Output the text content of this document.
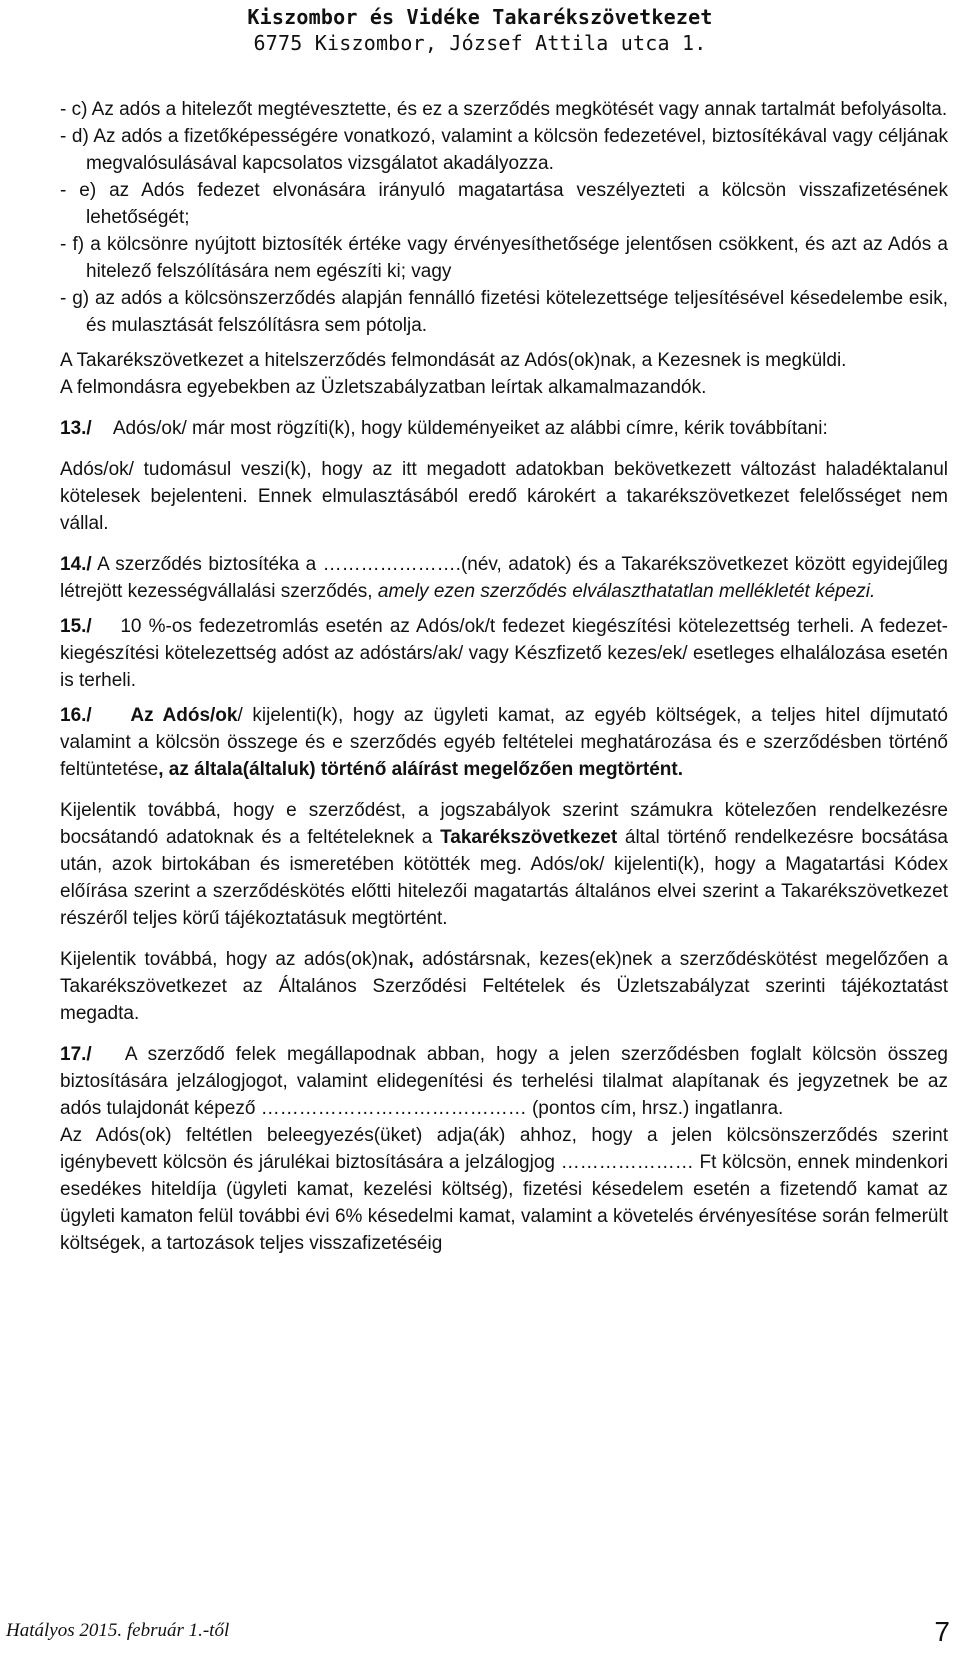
Kiszombor és Vidéke Takarékszövetkezet
6775 Kiszombor, József Attila utca 1.

- c) Az adós a hitelezőt megtévesztette, és ez a szerződés megkötését vagy annak tartalmát befolyásolta.

- d) Az adós a fizetőképességére vonatkozó, valamint a kölcsön fedezetével, biztosítékával vagy céljának megvalósulásával kapcsolatos vizsgálatot akadályozza.

- e) az Adós fedezet elvonására irányuló magatartása veszélyezteti a kölcsön visszafizetésének lehetőségét;

- f) a kölcsönre nyújtott biztosíték értéke vagy érvényesíthetősége jelentősen csökkent, és azt az Adós a hitelező felszólítására nem egészíti ki; vagy

- g) az adós a kölcsönszerződés alapján fennálló fizetési kötelezettsége teljesítésével késedelembe esik, és mulasztását felszólításra sem pótolja.

A Takarékszövetkezet a hitelszerződés felmondását az Adós(ok)nak, a Kezesnek is megküldi.

A felmondásra egyebekben az Üzletszabályzatban leírtak alkamalmazandók.

13./ Adós/ok/ már most rögzíti(k), hogy küldeményeiket az alábbi címre, kérik továbbítani:

Adós/ok/ tudomásul veszi(k), hogy az itt megadott adatokban bekövetkezett változást haladéktalanul kötelesek bejelenteni. Ennek elmulasztásából eredő károkért a takarékszövetkezet felelősséget nem vállal.

14./ A szerződés biztosítéka a ………………….(név, adatok) és a Takarékszövetkezet között egyidejűleg létrejött kezességvállalási szerződés, amely ezen szerződés elválaszthatatlan mellékletét képezi.

15./ 10 %-os fedezetromlás esetén az Adós/ok/t fedezet kiegészítési kötelezettség terheli. A fedezet-kiegészítési kötelezettség adóst az adóstárs/ak/ vagy Készfizető kezes/ek/ esetleges elhalálozása esetén is terheli.

16./ Az Adós/ok/ kijelenti(k), hogy az ügyleti kamat, az egyéb költségek, a teljes hitel díjmutató valamint a kölcsön összege és e szerződés egyéb feltételei meghatározása és e szerződésben történő feltüntetése, az általa(általuk) történő aláírást megelőzően megtörtént.

Kijelentik továbbá, hogy e szerződést, a jogszabályok szerint számukra kötelezően rendelkezésre bocsátandó adatoknak és a feltételeknek a Takarékszövetkezet által történő rendelkezésre bocsátása után, azok birtokában és ismeretében kötötték meg. Adós/ok/ kijelenti(k), hogy a Magatartási Kódex előírása szerint a szerződéskötés előtti hitelezői magatartás általános elvei szerint a Takarékszövetkezet részéről teljes körű tájékoztatásuk megtörtént.

Kijelentik továbbá, hogy az adós(ok)nak, adóstársnak, kezes(ek)nek a szerződéskötést megelőzően a Takarékszövetkezet az Általános Szerződési Feltételek és Üzletszabályzat szerinti tájékoztatást megadta.

17./ A szerződő felek megállapodnak abban, hogy a jelen szerződésben foglalt kölcsön összeg biztosítására jelzálogjogot, valamint elidegenítési és terhelési tilalmat alapítanak és jegyzetnek be az adós tulajdonát képező …………………………………… (pontos cím, hrsz.) ingatlanra.

Az Adós(ok) feltétlen beleegyezés(üket) adja(ák) ahhoz, hogy a jelen kölcsönszerződés szerint igénybevett kölcsön és járulékai biztosítására a jelzálogjog ………………… Ft kölcsön, ennek mindenkori esedékes hiteldíja (ügyleti kamat, kezelési költség), fizetési késedelem esetén a fizetendő kamat az ügyleti kamaton felül további évi 6% késedelmi kamat, valamint a követelés érvényesítése során felmerült költségek, a tartozások teljes visszafizetéséig

Hatályos 2015. február 1.-től	7
